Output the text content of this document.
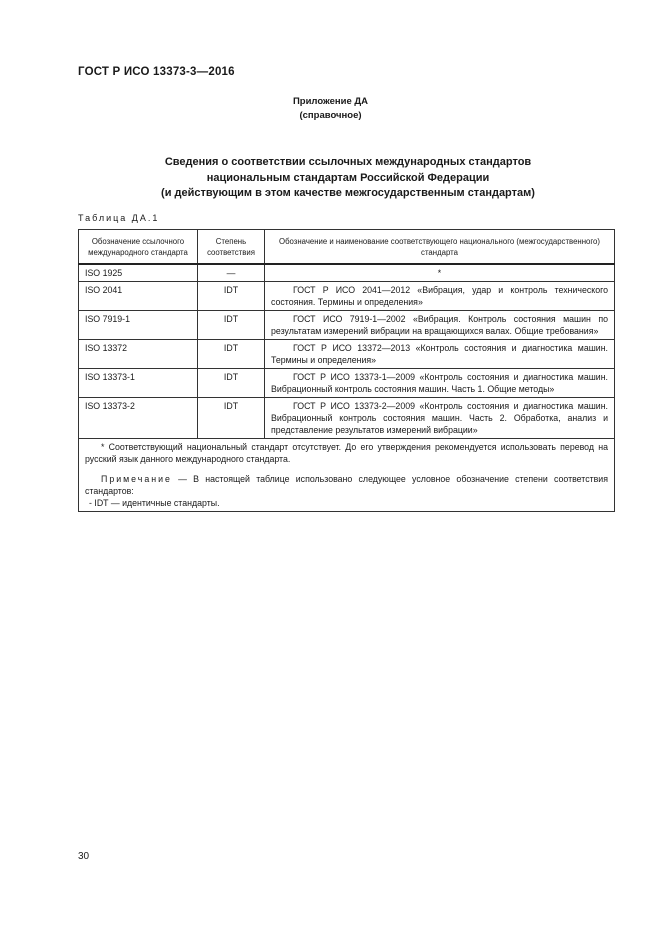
ГОСТ Р ИСО 13373-3—2016
Приложение ДА
(справочное)
Сведения о соответствии ссылочных международных стандартов
национальным стандартам Российской Федерации
(и действующим в этом качестве межгосударственным стандартам)
Таблица ДА.1
Обозначение ссылочного международного стандарта	Степень соответствия	Обозначение и наименование соответствующего национального (межгосударственного) стандарта
ISO 1925	—	*
ISO 2041	IDT	ГОСТ Р ИСО 2041—2012 «Вибрация, удар и контроль технического состояния. Термины и определения»
ISO 7919-1	IDT	ГОСТ ИСО 7919-1—2002 «Вибрация. Контроль состояния машин по результатам измерений вибрации на вращающихся валах. Общие требования»
ISO 13372	IDT	ГОСТ Р ИСО 13372—2013 «Контроль состояния и диагностика машин. Термины и определения»
ISO 13373-1	IDT	ГОСТ Р ИСО 13373-1—2009 «Контроль состояния и диагностика машин. Вибрационный контроль состояния машин. Часть 1. Общие методы»
ISO 13373-2	IDT	ГОСТ Р ИСО 13373-2—2009 «Контроль состояния и диагностика машин. Вибрационный контроль состояния машин. Часть 2. Обработка, анализ и представление результатов измерений вибрации»

* Соответствующий национальный стандарт отсутствует. До его утверждения рекомендуется использовать перевод на русский язык данного международного стандарта.

Примечание — В настоящей таблице использовано следующее условное обозначение степени соответствия стандартов:

- IDT — идентичные стандарты.		

30
